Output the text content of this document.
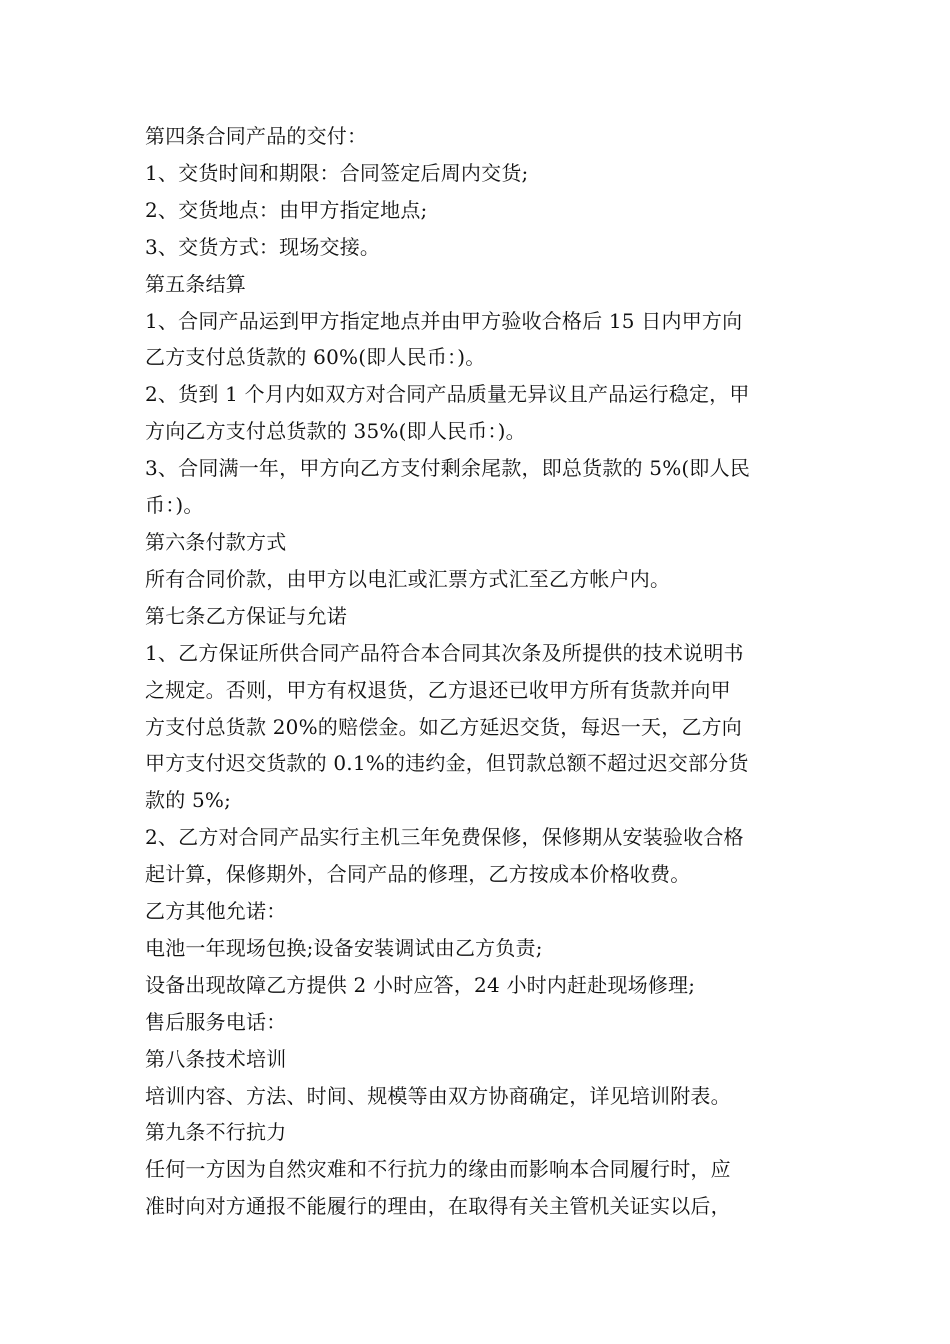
第四条合同产品的交付：
1、交货时间和期限：合同签定后周内交货;
2、交货地点：由甲方指定地点;
3、交货方式：现场交接。
第五条结算
1、合同产品运到甲方指定地点并由甲方验收合格后 15 日内甲方向
乙方支付总货款的 60%(即人民币：)。
2、货到 1 个月内如双方对合同产品质量无异议且产品运行稳定，甲
方向乙方支付总货款的 35%(即人民币：)。
3、合同满一年，甲方向乙方支付剩余尾款，即总货款的 5%(即人民
币：)。
第六条付款方式
所有合同价款，由甲方以电汇或汇票方式汇至乙方帐户内。
第七条乙方保证与允诺
1、乙方保证所供合同产品符合本合同其次条及所提供的技术说明书
之规定。否则，甲方有权退货，乙方退还已收甲方所有货款并向甲
方支付总货款 20%的赔偿金。如乙方延迟交货，每迟一天，乙方向
甲方支付迟交货款的 0.1%的违约金，但罚款总额不超过迟交部分货
款的 5%;
2、乙方对合同产品实行主机三年免费保修，保修期从安装验收合格
起计算，保修期外，合同产品的修理，乙方按成本价格收费。
乙方其他允诺：
电池一年现场包换;设备安装调试由乙方负责;
设备出现故障乙方提供 2 小时应答，24 小时内赶赴现场修理;
售后服务电话：
第八条技术培训
培训内容、方法、时间、规模等由双方协商确定，详见培训附表。
第九条不行抗力
任何一方因为自然灾难和不行抗力的缘由而影响本合同履行时，应
准时向对方通报不能履行的理由，在取得有关主管机关证实以后，
